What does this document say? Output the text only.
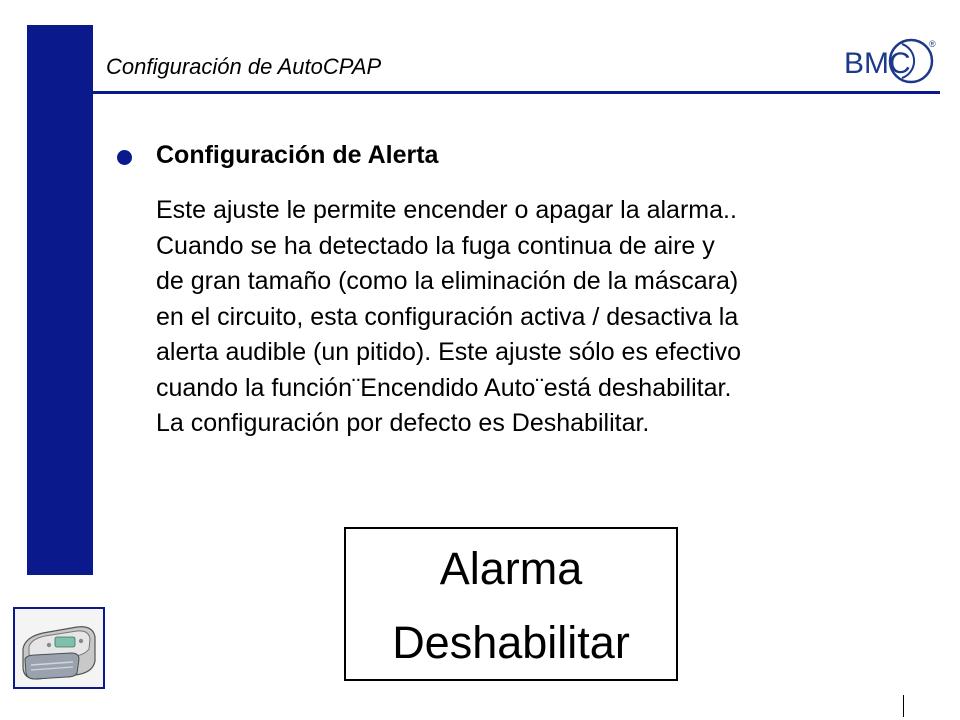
Configuración de AutoCPAP	BMC
®
Configuración de Alerta
Este ajuste le permite encender o apagar la alarma..
Cuando se ha detectado la fuga continua de aire y
de gran tamaño (como la eliminación de la máscara)
en el circuito, esta configuración activa / desactiva la
alerta audible (un pitido). Este ajuste sólo es efectivo
cuando la función¨Encendido Auto¨está deshabilitar.
La configuración por defecto es Deshabilitar.
Alarma
Deshabilitar
